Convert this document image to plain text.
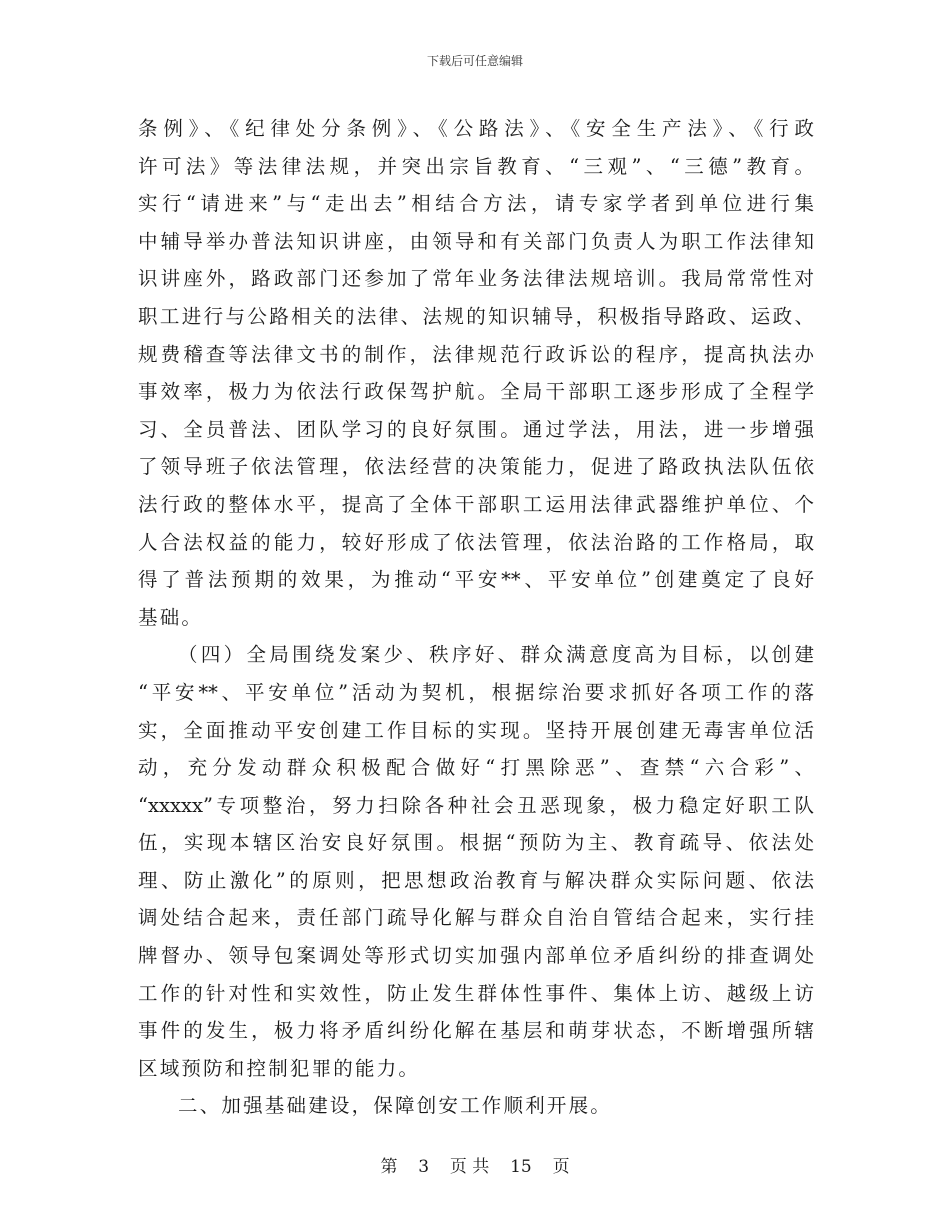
下载后可任意编辑
条例》、《纪律处分条例》、《公路法》、《安全生产法》、《行政
许可法》等法律法规，并突出宗旨教育、“三观”、“三德”教育。
实行“请进来”与“走出去”相结合方法，请专家学者到单位进行集
中辅导举办普法知识讲座，由领导和有关部门负责人为职工作法律知
识讲座外，路政部门还参加了常年业务法律法规培训。我局常常性对
职工进行与公路相关的法律、法规的知识辅导，积极指导路政、运政、
规费稽查等法律文书的制作，法律规范行政诉讼的程序，提高执法办
事效率，极力为依法行政保驾护航。全局干部职工逐步形成了全程学
习、全员普法、团队学习的良好氛围。通过学法，用法，进一步增强
了领导班子依法管理，依法经营的决策能力，促进了路政执法队伍依
法行政的整体水平，提高了全体干部职工运用法律武器维护单位、个
人合法权益的能力，较好形成了依法管理，依法治路的工作格局，取
得了普法预期的效果，为推动“平安**、平安单位”创建奠定了良好
基础。
（四）全局围绕发案少、秩序好、群众满意度高为目标，以创建
“平安**、平安单位”活动为契机，根据综治要求抓好各项工作的落
实，全面推动平安创建工作目标的实现。坚持开展创建无毒害单位活
动，充分发动群众积极配合做好“打黑除恶”、查禁“六合彩”、
“xxxxx”专项整治，努力扫除各种社会丑恶现象，极力稳定好职工队
伍，实现本辖区治安良好氛围。根据“预防为主、教育疏导、依法处
理、防止激化”的原则，把思想政治教育与解决群众实际问题、依法
调处结合起来，责任部门疏导化解与群众自治自管结合起来，实行挂
牌督办、领导包案调处等形式切实加强内部单位矛盾纠纷的排查调处
工作的针对性和实效性，防止发生群体性事件、集体上访、越级上访
事件的发生，极力将矛盾纠纷化解在基层和萌芽状态，不断增强所辖
区域预防和控制犯罪的能力。
二、加强基础建设，保障创安工作顺利开展。
第 3 页 共 15 页
